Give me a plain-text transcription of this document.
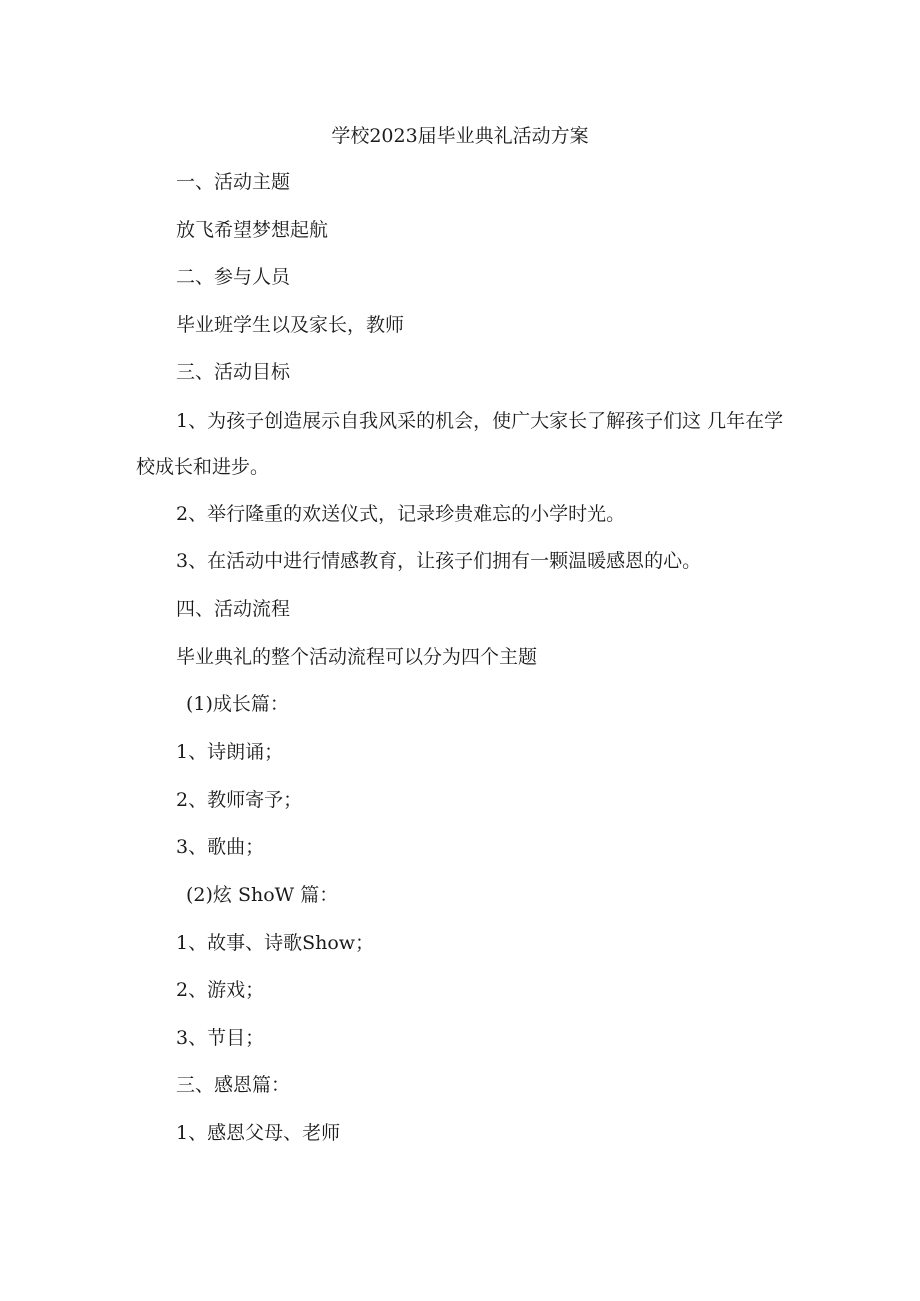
学校2023届毕业典礼活动方案
一、活动主题
放飞希望梦想起航
二、参与人员
毕业班学生以及家长，教师
三、活动目标
1、为孩子创造展示自我风采的机会，使广大家长了解孩子们这 几年在学校成长和进步。
2、举行隆重的欢送仪式，记录珍贵难忘的小学时光。
3、在活动中进行情感教育，让孩子们拥有一颗温暖感恩的心。
四、活动流程
毕业典礼的整个活动流程可以分为四个主题
(1)成长篇：
1、诗朗诵；
2、教师寄予；
3、歌曲；
(2)炫 ShoW 篇：
1、故事、诗歌Show；
2、游戏；
3、节目；
三、感恩篇：
1、感恩父母、老师
